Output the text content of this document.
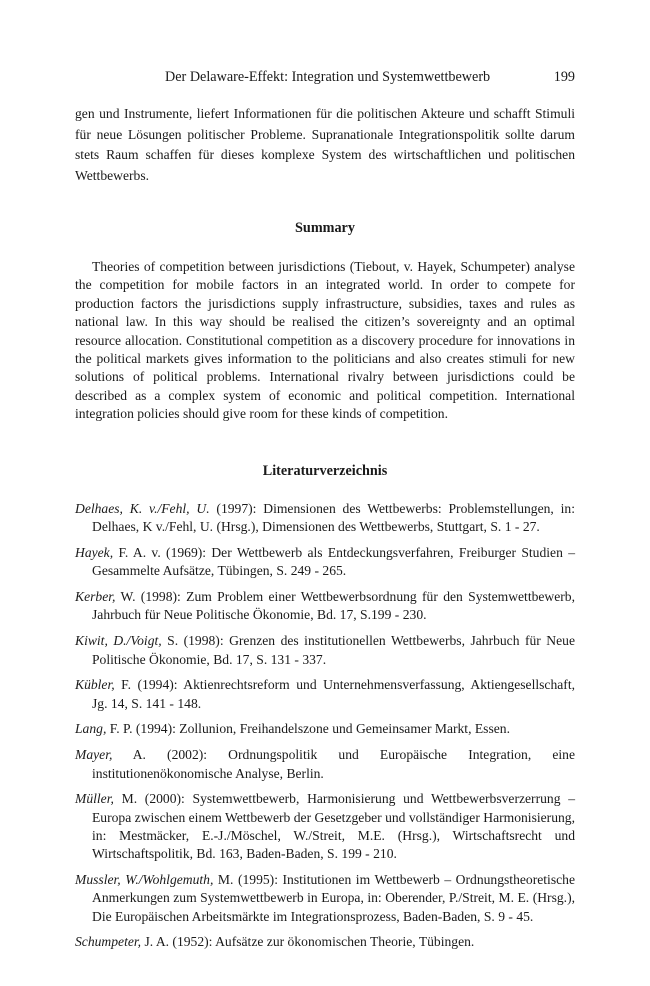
Der Delaware-Effekt: Integration und Systemwettbewerb	199

gen und Instrumente, liefert Informationen für die politischen Akteure und schafft Stimuli für neue Lösungen politischer Probleme. Supranationale Integrationspolitik sollte darum stets Raum schaffen für dieses komplexe System des wirtschaftlichen und politischen Wettbewerbs.

Summary

Theories of competition between jurisdictions (Tiebout, v. Hayek, Schumpeter) analyse the competition for mobile factors in an integrated world. In order to compete for production factors the jurisdictions supply infrastructure, subsidies, taxes and rules as national law. In this way should be realised the citizen’s sovereignty and an optimal resource allocation. Constitutional competition as a discovery procedure for innovations in the political markets gives information to the politicians and also creates stimuli for new solutions of political problems. International rivalry between jurisdictions could be described as a complex system of economic and political competition. International integration policies should give room for these kinds of competition.

Literaturverzeichnis
Delhaes, K. v./Fehl, U. (1997): Dimensionen des Wettbewerbs: Problemstellungen, in: Delhaes, K v./Fehl, U. (Hrsg.), Dimensionen des Wettbewerbs, Stuttgart, S. 1 - 27.
Hayek, F. A. v. (1969): Der Wettbewerb als Entdeckungsverfahren, Freiburger Studien – Gesammelte Aufsätze, Tübingen, S. 249 - 265.
Kerber, W. (1998): Zum Problem einer Wettbewerbsordnung für den Systemwettbewerb, Jahrbuch für Neue Politische Ökonomie, Bd. 17, S.199 - 230.
Kiwit, D./Voigt, S. (1998): Grenzen des institutionellen Wettbewerbs, Jahrbuch für Neue Politische Ökonomie, Bd. 17, S. 131 - 337.
Kübler, F. (1994): Aktienrechtsreform und Unternehmensverfassung, Aktiengesellschaft, Jg. 14, S. 141 - 148.
Lang, F. P. (1994): Zollunion, Freihandelszone und Gemeinsamer Markt, Essen.
Mayer, A. (2002): Ordnungspolitik und Europäische Integration, eine institutionenökonomische Analyse, Berlin.
Müller, M. (2000): Systemwettbewerb, Harmonisierung und Wettbewerbsverzerrung – Europa zwischen einem Wettbewerb der Gesetzgeber und vollständiger Harmonisierung, in: Mestmäcker, E.-J./Möschel, W./Streit, M.E. (Hrsg.), Wirtschaftsrecht und Wirtschaftspolitik, Bd. 163, Baden-Baden, S. 199 - 210.
Mussler, W./Wohlgemuth, M. (1995): Institutionen im Wettbewerb – Ordnungstheoretische Anmerkungen zum Systemwettbewerb in Europa, in: Oberender, P./Streit, M. E. (Hrsg.), Die Europäischen Arbeitsmärkte im Integrationsprozess, Baden-Baden, S. 9 - 45.
Schumpeter, J. A. (1952): Aufsätze zur ökonomischen Theorie, Tübingen.
